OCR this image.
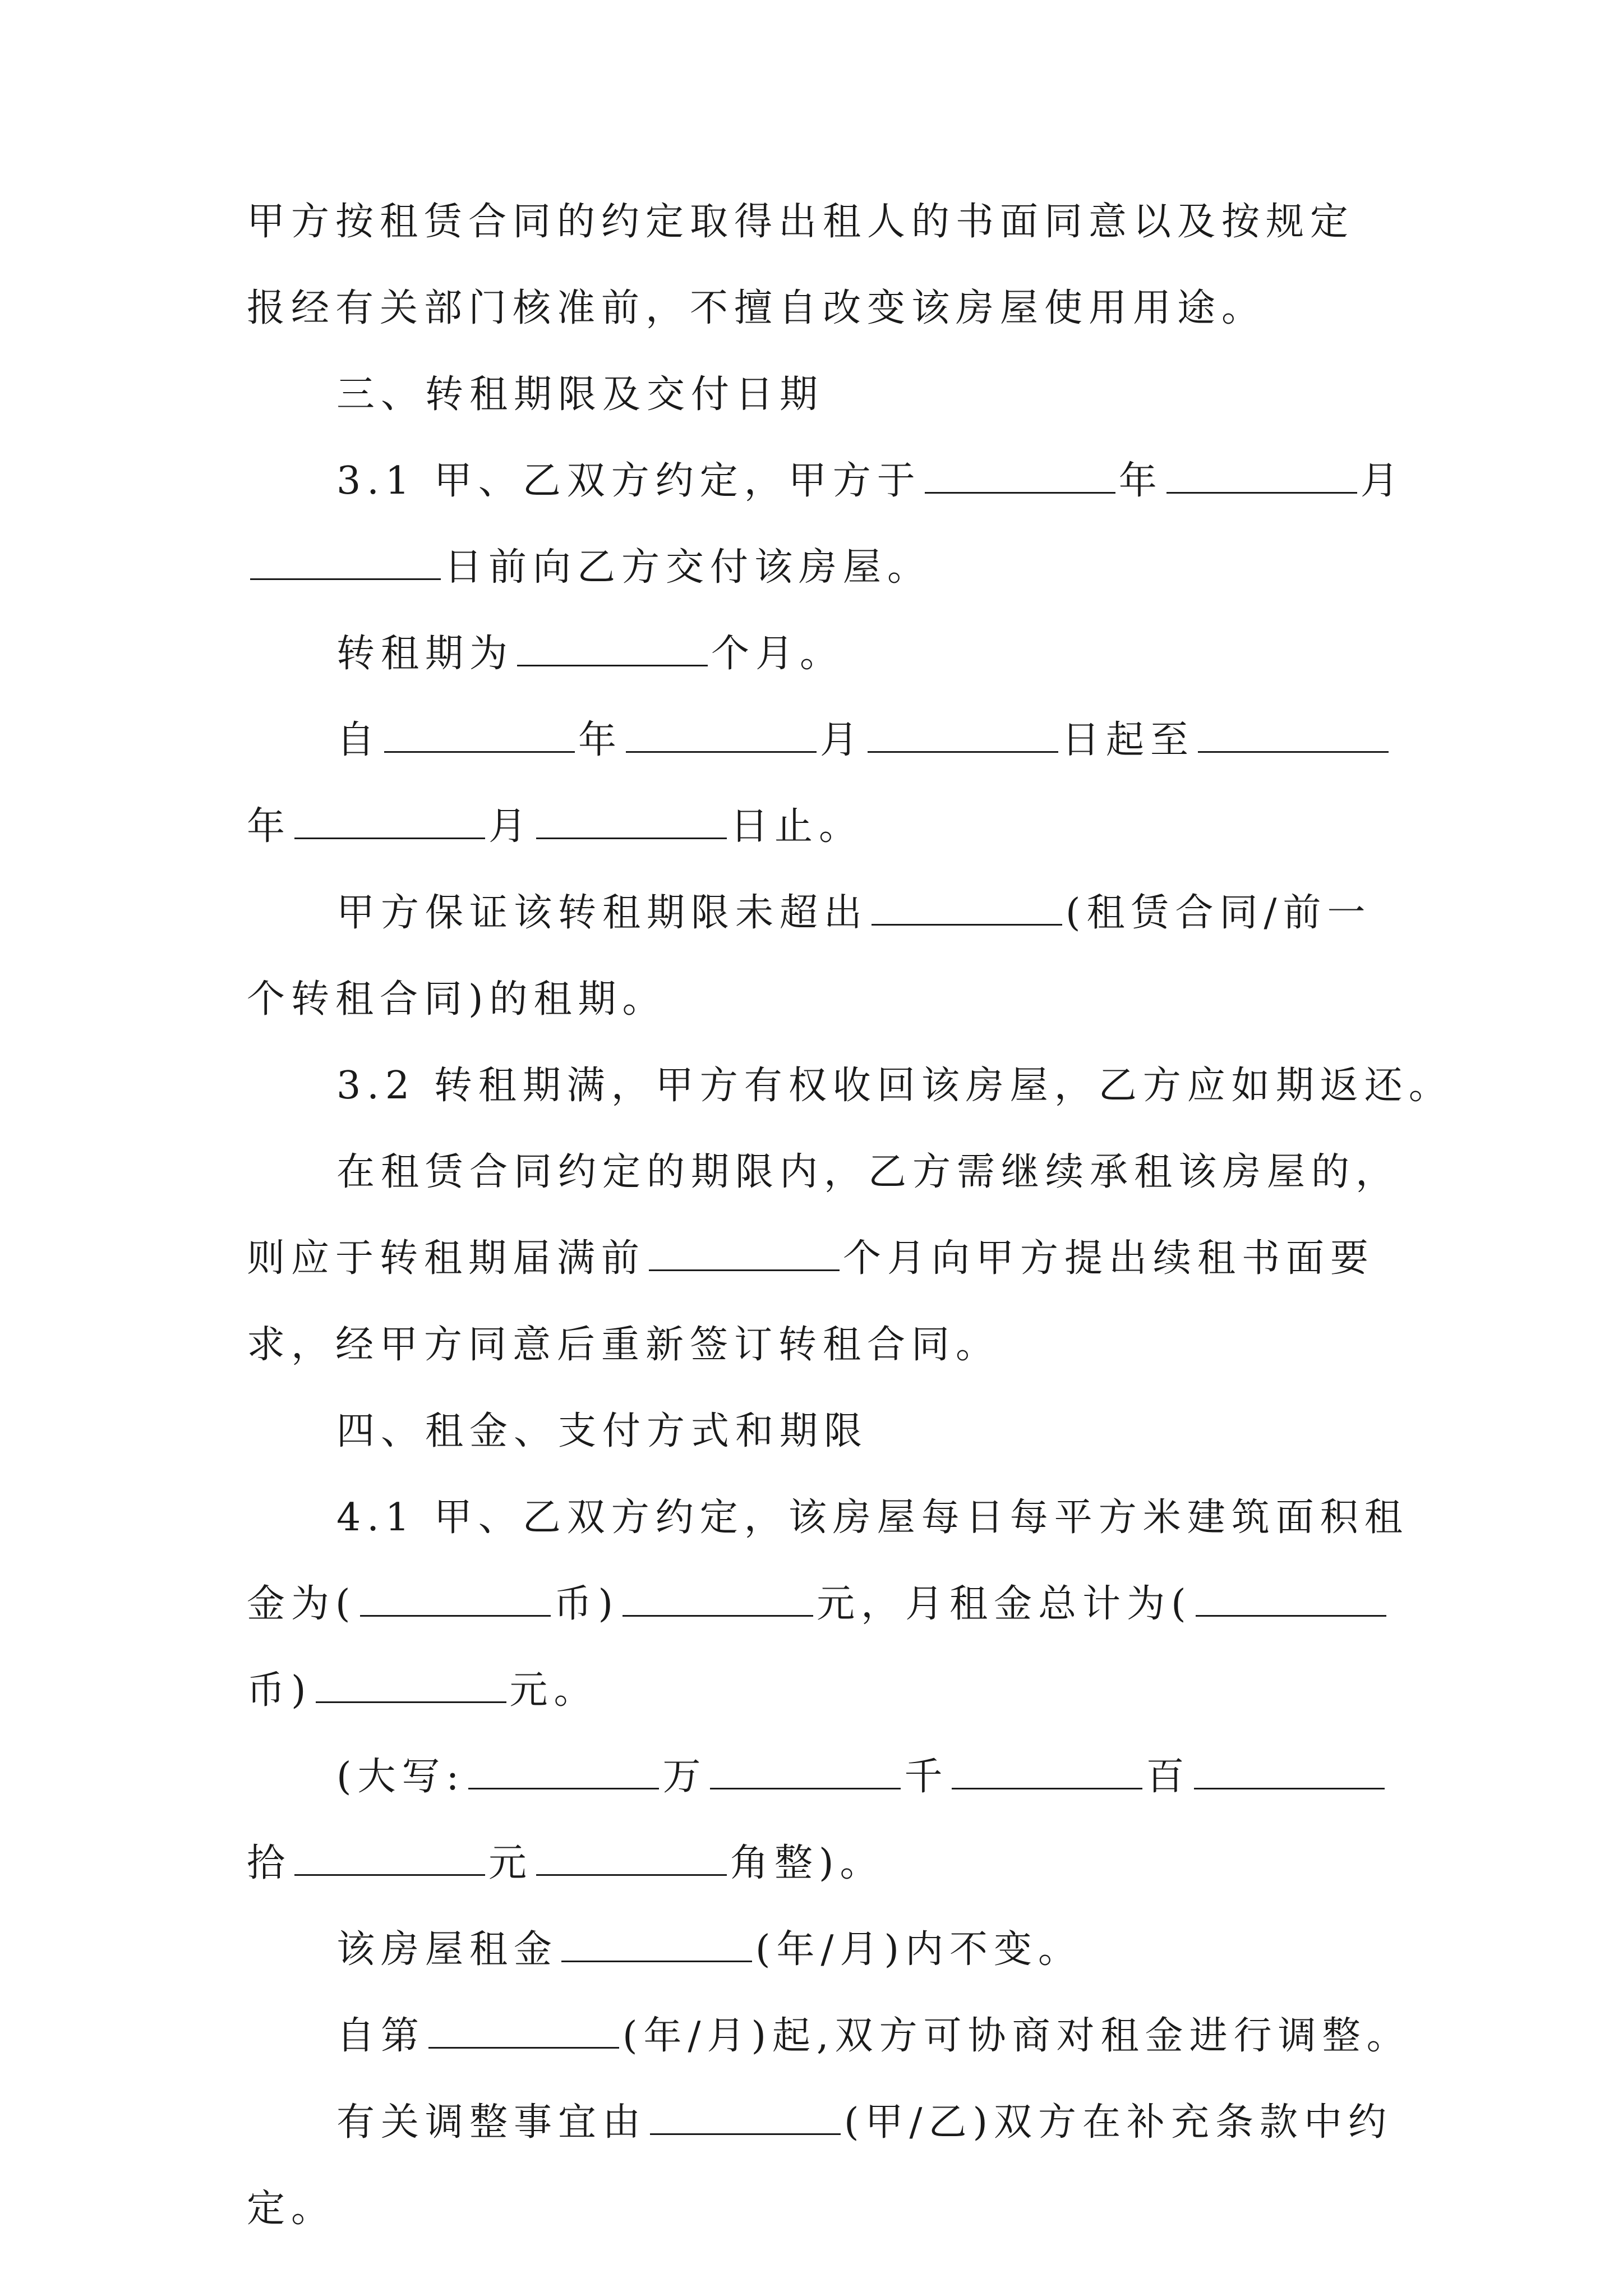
甲方按租赁合同的约定取得出租人的书面同意以及按规定
报经有关部门核准前，不擅自改变该房屋使用用途。
三、转租期限及交付日期
3.1 甲、乙双方约定，甲方于	年	月
日前向乙方交付该房屋。
转租期为	个月。
自	年	月	日起至
年	月	日止。
甲方保证该转租期限未超出	(租赁合同/前一
个转租合同)的租期。
3.2 转租期满，甲方有权收回该房屋，乙方应如期返还。
在租赁合同约定的期限内，乙方需继续承租该房屋的，
则应于转租期届满前	个月向甲方提出续租书面要
求，经甲方同意后重新签订转租合同。
四、租金、支付方式和期限
4.1 甲、乙双方约定，该房屋每日每平方米建筑面积租
金为(	币)	元，月租金总计为(
币)	元。
(大写:	万	千	百
拾	元	角整)。
该房屋租金	(年/月)内不变。
自第	(年/月)起,双方可协商对租金进行调整。
有关调整事宜由	(甲/乙)双方在补充条款中约
定。
